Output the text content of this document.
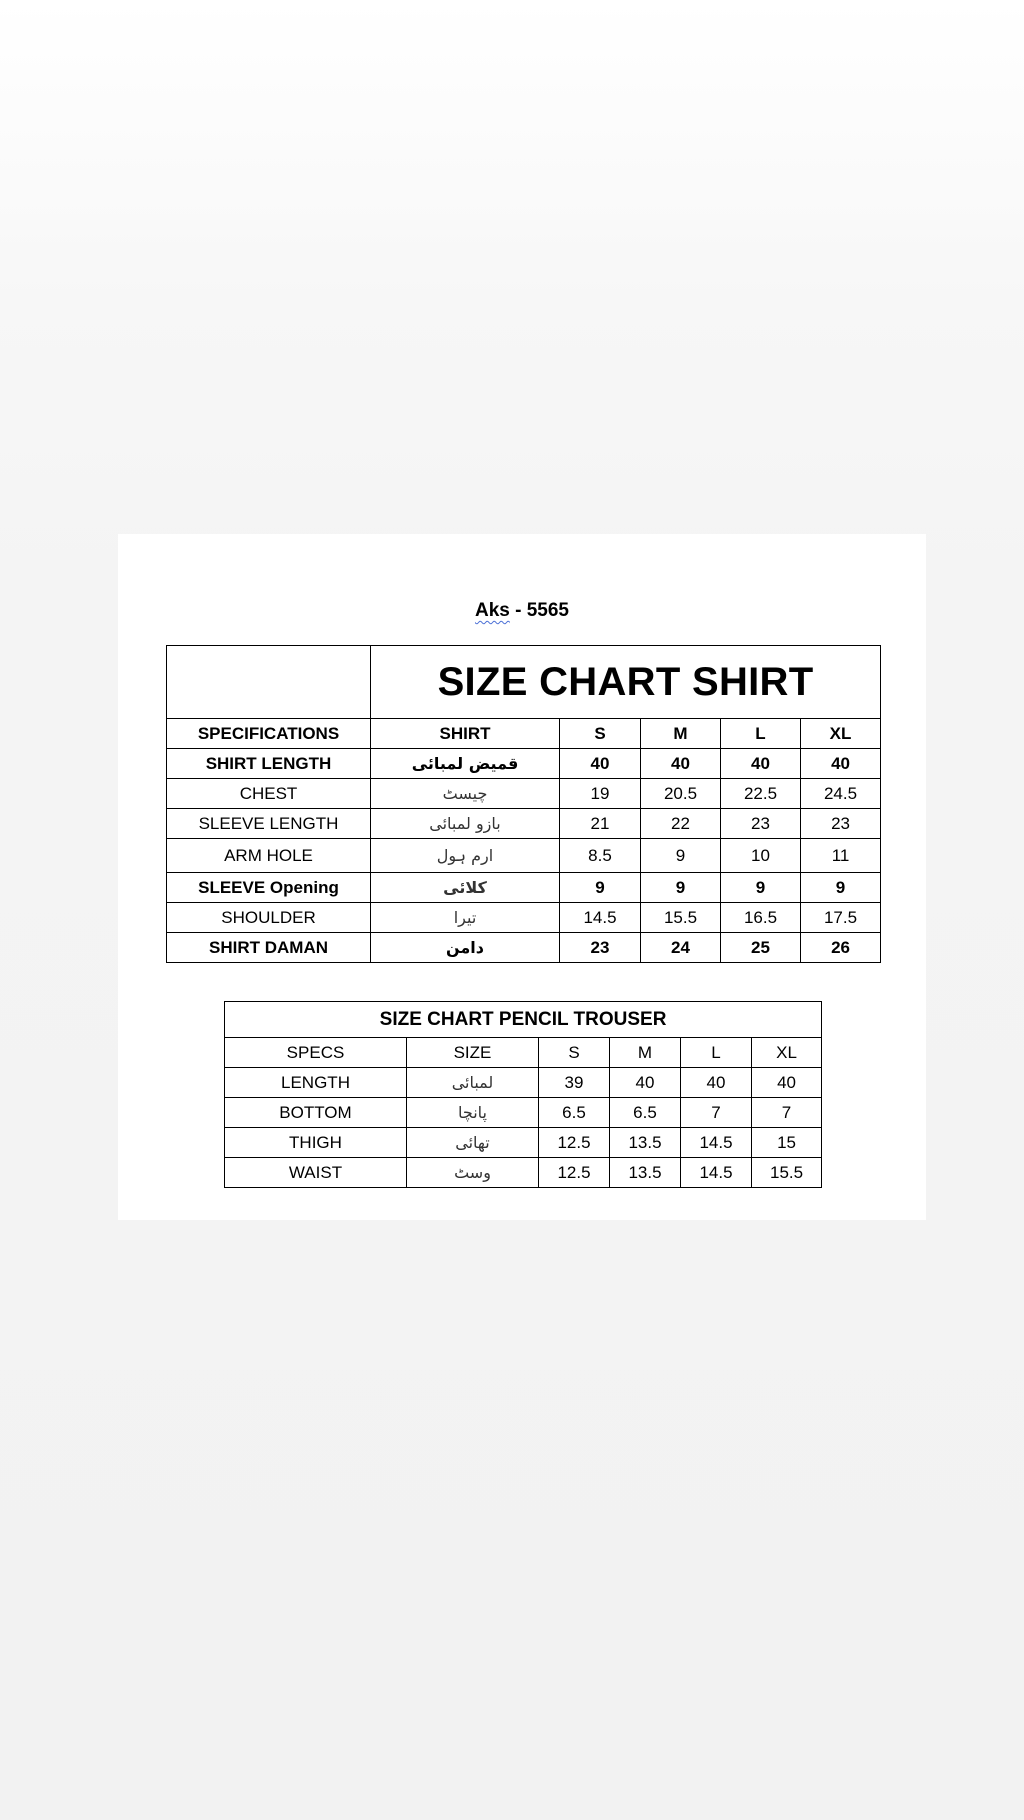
Aks - 5565
	SIZE CHART SHIRT				
SPECIFICATIONS	SHIRT	S	M	L	XL
SHIRT LENGTH	قمیض لمبائی	40	40	40	40
CHEST	چیسٹ	19	20.5	22.5	24.5
SLEEVE LENGTH	بازو لمبائی	21	22	23	23
ARM HOLE	ارم ہول	8.5	9	10	11
SLEEVE Opening	کلائی	9	9	9	9
SHOULDER	تیرا	14.5	15.5	16.5	17.5
SHIRT DAMAN	دامن	23	24	25	26
SIZE CHART PENCIL TROUSER					
SPECS	SIZE	S	M	L	XL
LENGTH	لمبائی	39	40	40	40
BOTTOM	پانچا	6.5	6.5	7	7
THIGH	تھائی	12.5	13.5	14.5	15
WAIST	وسٹ	12.5	13.5	14.5	15.5
